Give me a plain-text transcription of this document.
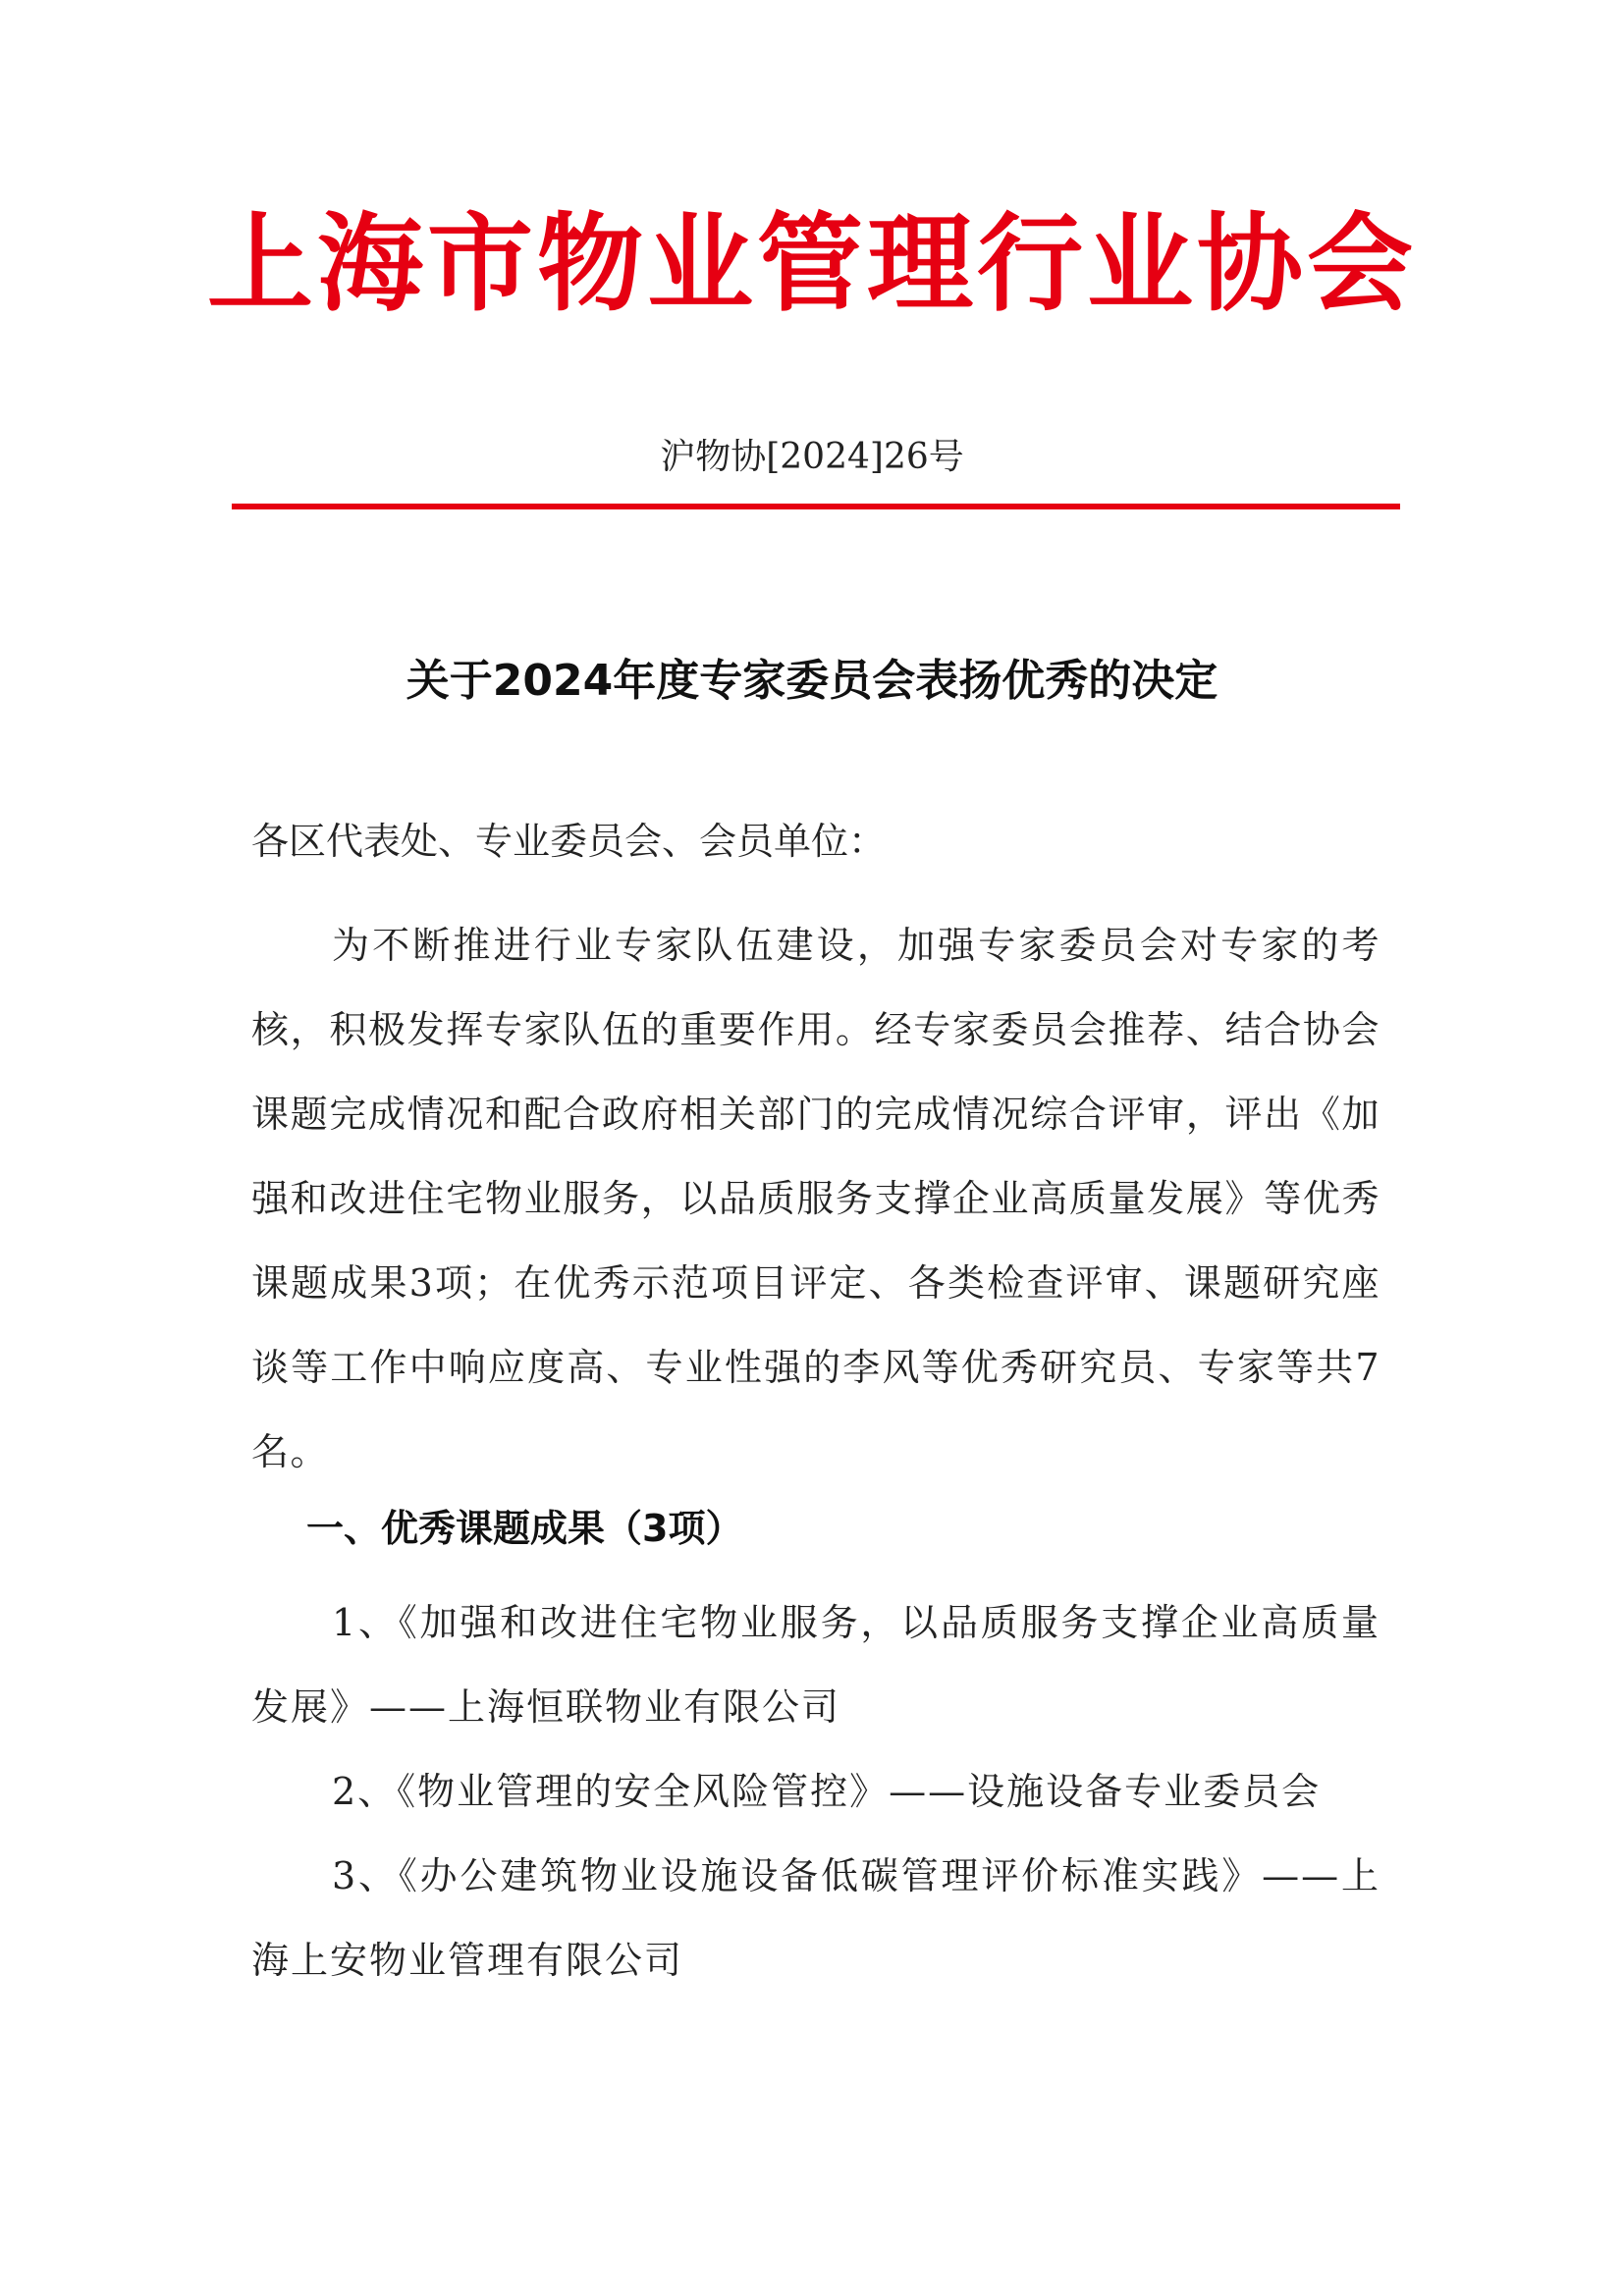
上海市物业管理行业协会
沪物协[2024]26号
关于2024年度专家委员会表扬优秀的决定
各区代表处、专业委员会、会员单位：
为不断推进行业专家队伍建设，加强专家委员会对专家的考核，积极发挥专家队伍的重要作用。经专家委员会推荐、结合协会课题完成情况和配合政府相关部门的完成情况综合评审，评出《加强和改进住宅物业服务，以品质服务支撑企业高质量发展》等优秀课题成果3项；在优秀示范项目评定、各类检查评审、课题研究座谈等工作中响应度高、专业性强的李风等优秀研究员、专家等共7名。
一、优秀课题成果（3项）
1、《加强和改进住宅物业服务，以品质服务支撑企业高质量发展》——上海恒联物业有限公司
2、《物业管理的安全风险管控》——设施设备专业委员会
3、《办公建筑物业设施设备低碳管理评价标准实践》——上海上安物业管理有限公司
